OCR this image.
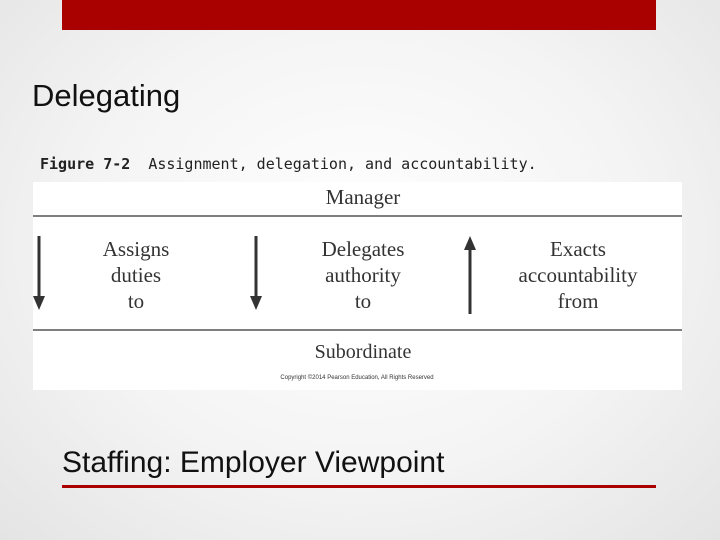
Delegating
Figure 7-2 Assignment, delegation, and accountability.
Manager
Assigns
duties
to
Delegates
authority
to
Exacts
accountability
from
Subordinate
Copyright ©2014 Pearson Education, All Rights Reserved
Staffing: Employer Viewpoint
